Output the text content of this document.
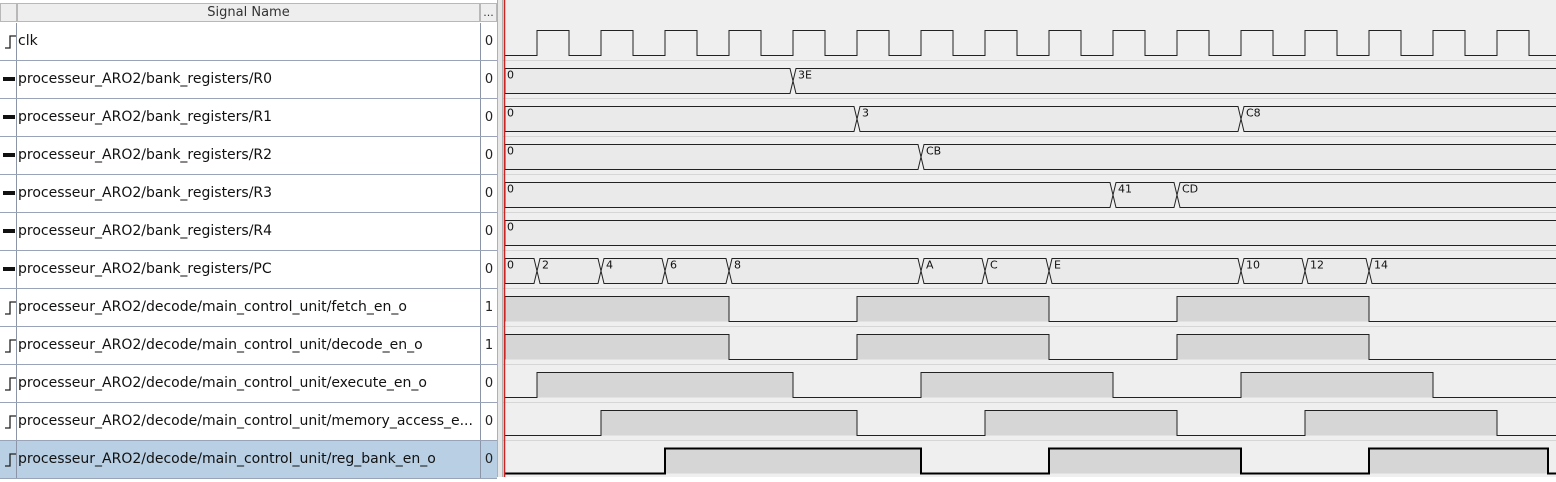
Signal Name	...
clk	0
processeur_ARO2/bank_registers/R0	0
processeur_ARO2/bank_registers/R1	0
processeur_ARO2/bank_registers/R2	0
processeur_ARO2/bank_registers/R3	0
processeur_ARO2/bank_registers/R4	0
processeur_ARO2/bank_registers/PC	0
processeur_ARO2/decode/main_control_unit/fetch_en_o	1
processeur_ARO2/decode/main_control_unit/decode_en_o	1
processeur_ARO2/decode/main_control_unit/execute_en_o	0
processeur_ARO2/decode/main_control_unit/memory_access_e... 0
processeur_ARO2/decode/main_control_unit/reg_bank_en_o	0
0	3E
0	3	C8
0	CB
0	41	CD
0
0	2	4	6	8	A	C	E	10	12	14
